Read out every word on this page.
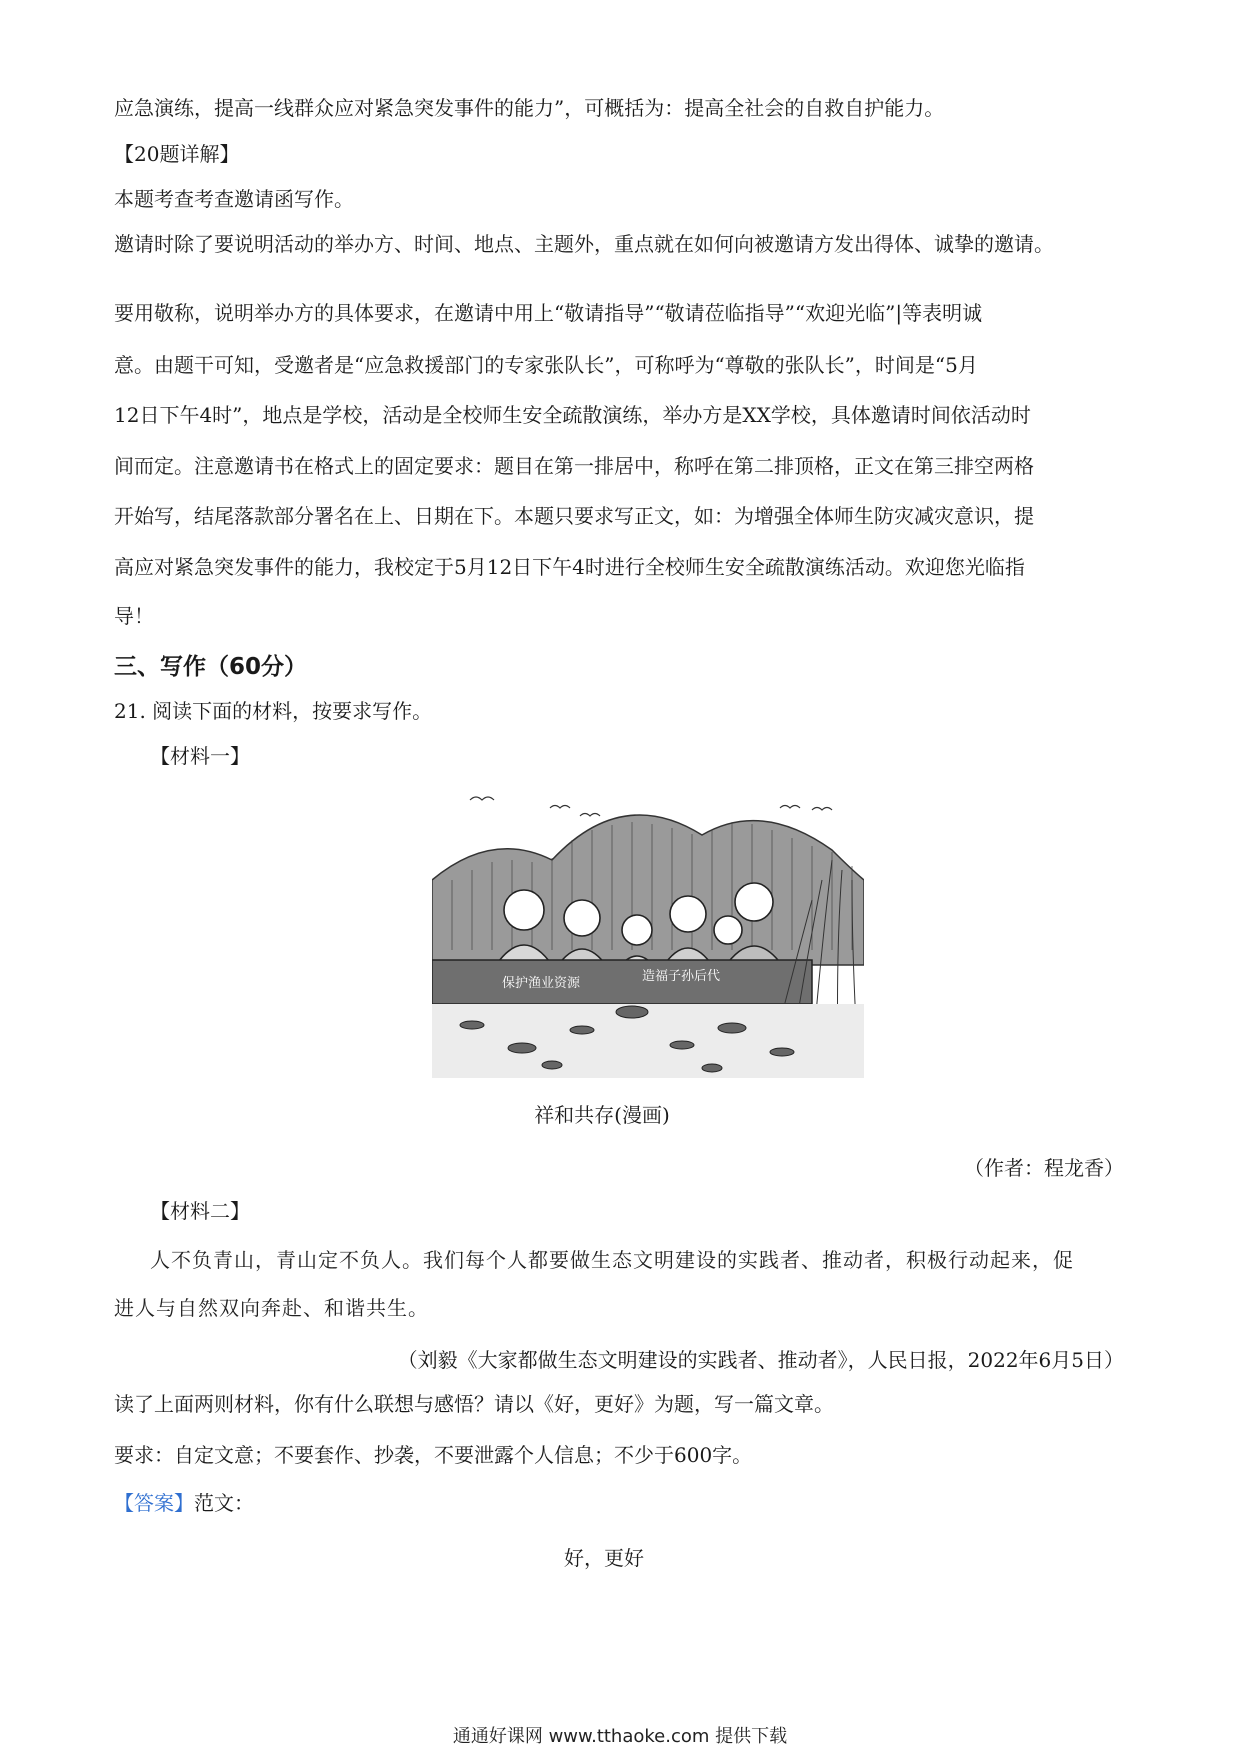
应急演练，提高一线群众应对紧急突发事件的能力”，可概括为：提高全社会的自救自护能力。
【20题详解】
本题考查考查邀请函写作。
邀请时除了要说明活动的举办方、时间、地点、主题外，重点就在如何向被邀请方发出得体、诚挚的邀请。
要用敬称，说明举办方的具体要求，在邀请中用上“敬请指导”“敬请莅临指导”“欢迎光临”|等表明诚
意。由题干可知，受邀者是“应急救援部门的专家张队长”，可称呼为“尊敬的张队长”，时间是“5月
12日下午4时”，地点是学校，活动是全校师生安全疏散演练，举办方是XX学校，具体邀请时间依活动时
间而定。注意邀请书在格式上的固定要求：题目在第一排居中，称呼在第二排顶格，正文在第三排空两格
开始写，结尾落款部分署名在上、日期在下。本题只要求写正文，如：为增强全体师生防灾减灾意识，提
高应对紧急突发事件的能力，我校定于5月12日下午4时进行全校师生安全疏散演练活动。欢迎您光临指
导！
三、写作（60分）
21. 阅读下面的材料，按要求写作。
【材料一】
保护渔业资源	造福子孙后代
祥和共存(漫画)
（作者：程龙香）
【材料二】
人不负青山，青山定不负人。我们每个人都要做生态文明建设的实践者、推动者，积极行动起来，促
进人与自然双向奔赴、和谐共生。
（刘毅《大家都做生态文明建设的实践者、推动者》，人民日报，2022年6月5日）
读了上面两则材料，你有什么联想与感悟？请以《好，更好》为题，写一篇文章。
要求：自定文意；不要套作、抄袭，不要泄露个人信息；不少于600字。
【答案】范文：
好，更好
通通好课网 www.tthaoke.com 提供下载
